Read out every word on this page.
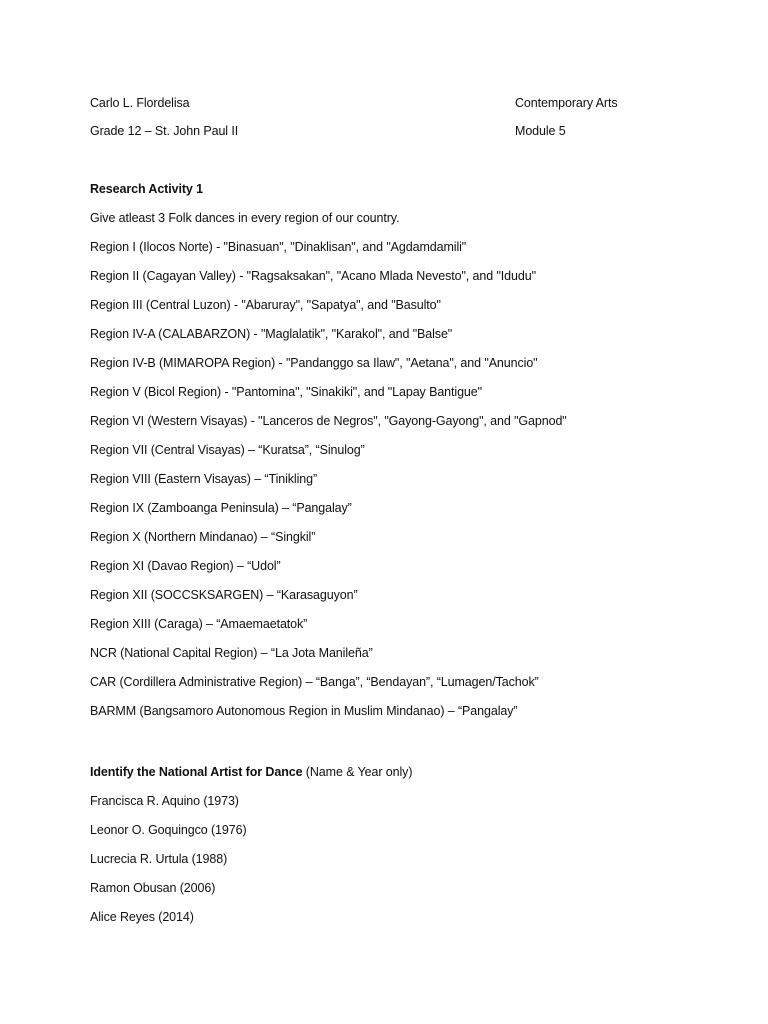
Carlo L. Flordelisa	Contemporary Arts
Grade 12 – St. John Paul II	Module 5
Research Activity 1
Give atleast 3 Folk dances in every region of our country.
Region I (Ilocos Norte) - "Binasuan", "Dinaklisan", and "Agdamdamili"
Region II (Cagayan Valley) - "Ragsaksakan", "Acano Mlada Nevesto", and "Idudu"
Region III (Central Luzon) - "Abaruray", "Sapatya", and "Basulto"
Region IV-A (CALABARZON) - "Maglalatik", "Karakol", and "Balse"
Region IV-B (MIMAROPA Region) - "Pandanggo sa Ilaw", "Aetana", and "Anuncio"
Region V (Bicol Region) - "Pantomina", "Sinakiki", and "Lapay Bantigue"
Region VI (Western Visayas) - "Lanceros de Negros", "Gayong-Gayong", and "Gapnod"
Region VII (Central Visayas) – “Kuratsa”, “Sinulog”
Region VIII (Eastern Visayas) – “Tinikling”
Region IX (Zamboanga Peninsula) – “Pangalay”
Region X (Northern Mindanao) – “Singkil”
Region XI (Davao Region) – “Udol”
Region XII (SOCCSKSARGEN) – “Karasaguyon”
Region XIII (Caraga) – “Amaemaetatok”
NCR (National Capital Region) – “La Jota Manileña”
CAR (Cordillera Administrative Region) – “Banga”, “Bendayan”, “Lumagen/Tachok”
BARMM (Bangsamoro Autonomous Region in Muslim Mindanao) – “Pangalay”
Identify the National Artist for Dance (Name & Year only)
Francisca R. Aquino (1973)
Leonor O. Goquingco (1976)
Lucrecia R. Urtula (1988)
Ramon Obusan (2006)
Alice Reyes (2014)
